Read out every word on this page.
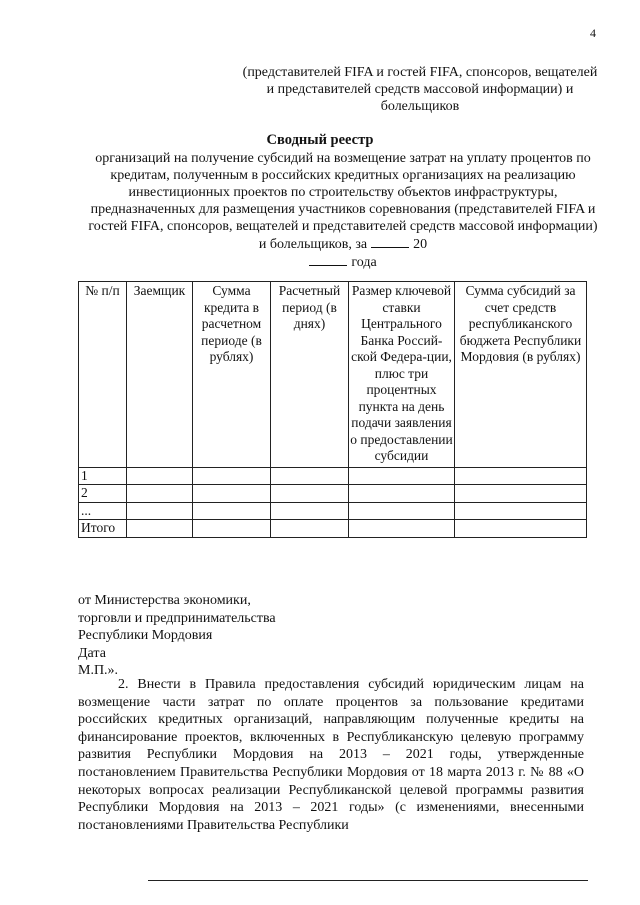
4
(представителей FIFA и гостей FIFA, спонсоров, вещателей и представителей средств массовой информации) и болельщиков
Сводный реестр
организаций на получение субсидий на возмещение затрат на уплату процентов по кредитам, полученным в российских кредитных организациях на реализацию инвестиционных проектов по строительству объектов инфраструктуры, предназначенных для размещения участников соревнования (представителей FIFA и гостей FIFA, спонсоров, вещателей и представителей средств массовой информации) и болельщиков, за	20
года
№ п/п	Заемщик	Сумма кредита в расчетном периоде (в рублях)	Расчетный период (в днях)	Размер ключевой ставки Центрального Банка Россий-ской Федера-ции, плюс три процентных пункта на день подачи заявления о предоставлении субсидии	Сумма субсидий за счет средств республиканского бюджета Республики Мордовия (в рублях)
1					
2					
...					
Итого					
от Министерства экономики,
торговли и предпринимательства
Республики Мордовия
Дата
М.П.».
2. Внести в Правила предоставления субсидий юридическим лицам на возмещение части затрат по оплате процентов за пользование кредитами российских кредитных организаций, направляющим полученные кредиты на финансирование проектов, включенных в Республиканскую целевую программу развития Республики Мордовия на 2013 – 2021 годы, утвержденные постановлением Правительства Республики Мордовия от 18 марта 2013 г. № 88 «О некоторых вопросах реализации Республиканской целевой программы развития Республики Мордовия на 2013 – 2021 годы» (с изменениями, внесенными постановлениями Правительства Республики
